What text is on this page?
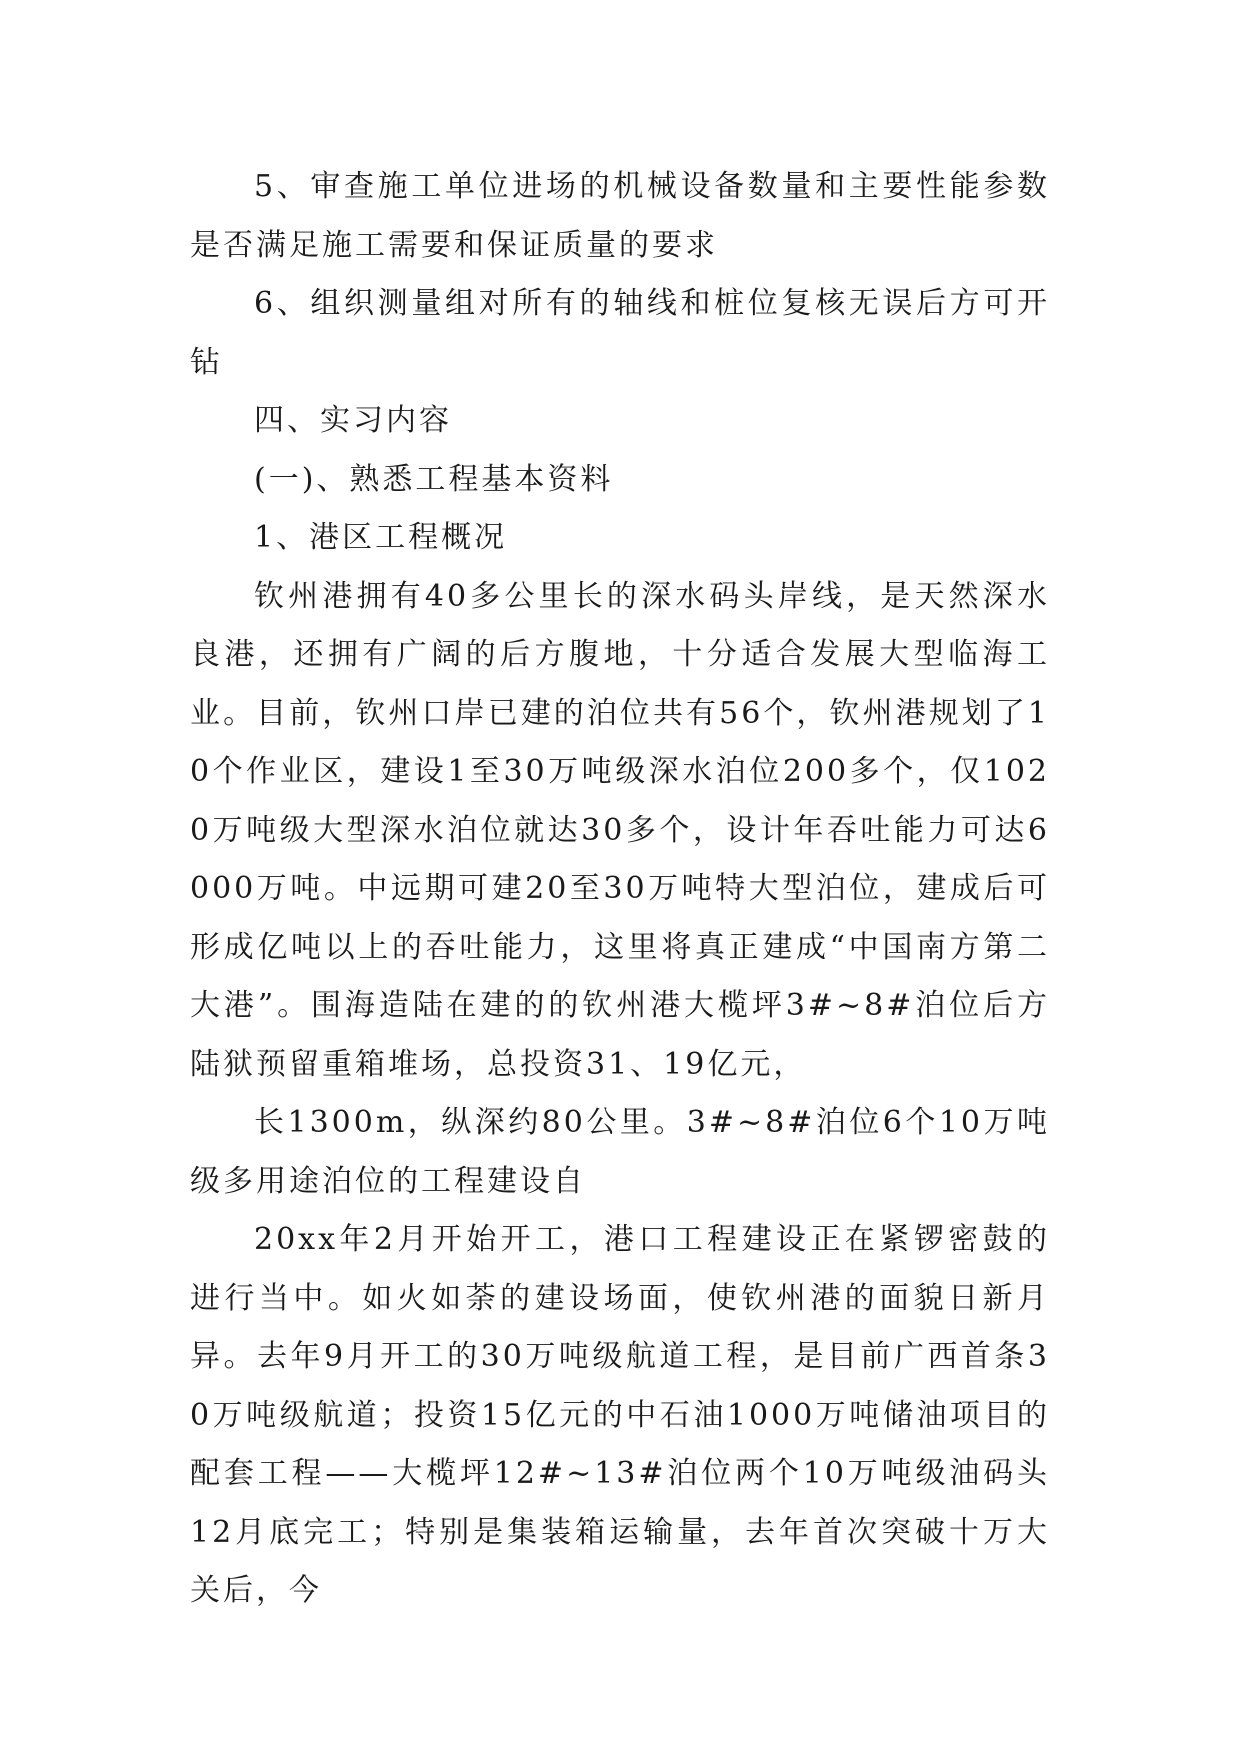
5、审查施工单位进场的机械设备数量和主要性能参数是否满足施工需要和保证质量的要求

6、组织测量组对所有的轴线和桩位复核无误后方可开钻

四、实习内容

(一)、熟悉工程基本资料

1、港区工程概况

钦州港拥有40多公里长的深水码头岸线，是天然深水良港，还拥有广阔的后方腹地，十分适合发展大型临海工业。目前，钦州口岸已建的泊位共有56个，钦州港规划了10个作业区，建设1至30万吨级深水泊位200多个，仅1020万吨级大型深水泊位就达30多个，设计年吞吐能力可达6000万吨。中远期可建20至30万吨特大型泊位，建成后可形成亿吨以上的吞吐能力，这里将真正建成“中国南方第二大港”。围海造陆在建的的钦州港大榄坪3#~8#泊位后方陆狱预留重箱堆场，总投资31、19亿元，

长1300m，纵深约80公里。3#~8#泊位6个10万吨级多用途泊位的工程建设自

20xx年2月开始开工，港口工程建设正在紧锣密鼓的进行当中。如火如荼的建设场面，使钦州港的面貌日新月异。去年9月开工的30万吨级航道工程，是目前广西首条30万吨级航道；投资15亿元的中石油1000万吨储油项目的配套工程——大榄坪12#~13#泊位两个10万吨级油码头12月底完工；特别是集装箱运输量，去年首次突破十万大关后，今
